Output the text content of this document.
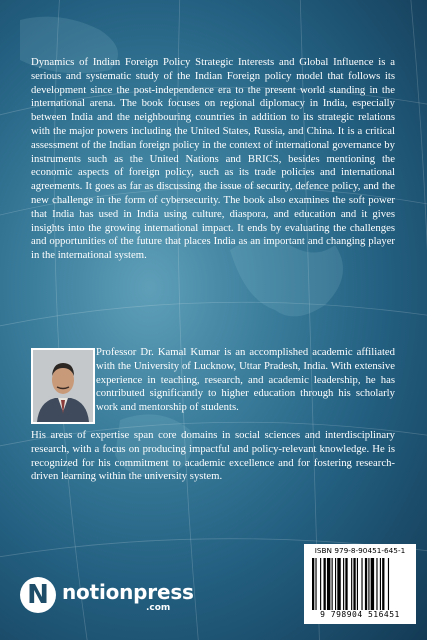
Dynamics of Indian Foreign Policy Strategic Interests and Global Influence is a serious and systematic study of the Indian Foreign policy model that follows its development since the post-independence era to the present world standing in the international arena. The book focuses on regional diplomacy in India, especially between India and the neighbouring countries in addition to its strategic relations with the major powers including the United States, Russia, and China. It is a critical assessment of the Indian foreign policy in the context of international governance by instruments such as the United Nations and BRICS, besides mentioning the economic aspects of foreign policy, such as its trade policies and international agreements. It goes as far as discussing the issue of security, defence policy, and the new challenge in the form of cybersecurity. The book also examines the soft power that India has used in India using culture, diaspora, and education and it gives insights into the growing international impact. It ends by evaluating the challenges and opportunities of the future that places India as an important and changing player in the international system.

Professor Dr. Kamal Kumar is an accomplished academic affiliated with the University of Lucknow, Uttar Pradesh, India. With extensive experience in teaching, research, and academic leadership, he has contributed significantly to higher education through his scholarly work and mentorship of students.

His areas of expertise span core domains in social sciences and interdisciplinary research, with a focus on producing impactful and policy-relevant knowledge. He is recognized for his commitment to academic excellence and for fostering research-driven learning within the university system.

N notionpress
.com
ISBN 979-8-90451-645-1
9 798904 516451
